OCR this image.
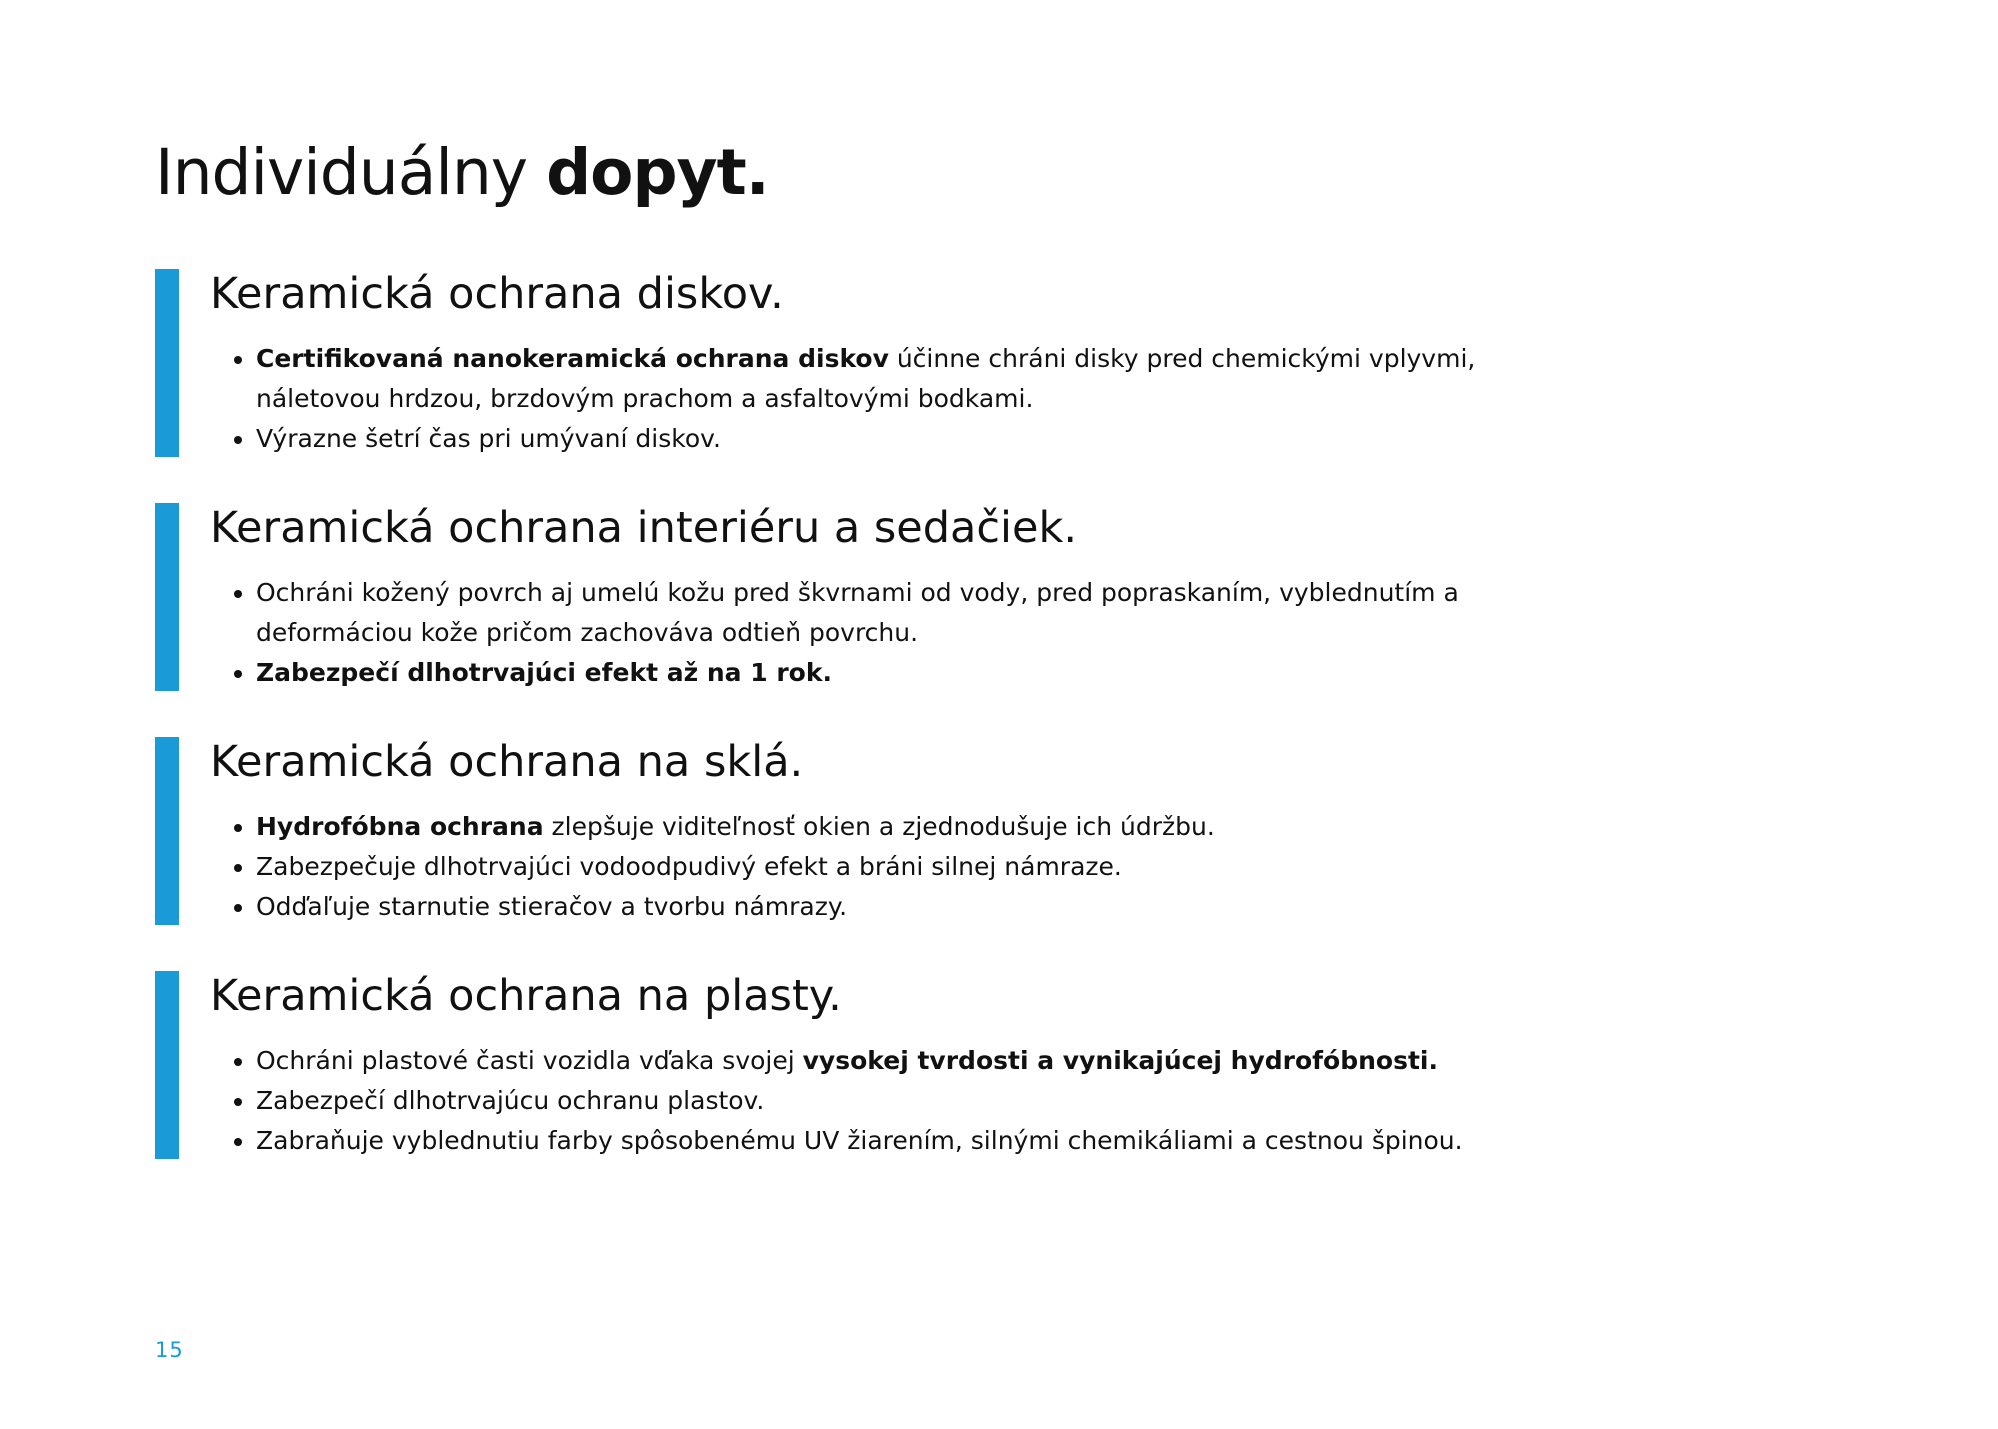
Individuálny dopyt.
Keramická ochrana diskov.
• Certifikovaná nanokeramická ochrana diskov účinne chráni disky pred chemickými vplyvmi, náletovou hrdzou, brzdovým prachom a asfaltovými bodkami.
• Výrazne šetrí čas pri umývaní diskov.
Keramická ochrana interiéru a sedačiek.
• Ochráni kožený povrch aj umelú kožu pred škvrnami od vody, pred popraskaním, vyblednutím a deformáciou kože pričom zachováva odtieň povrchu.
• Zabezpečí dlhotrvajúci efekt až na 1 rok.
Keramická ochrana na sklá.
• Hydrofóbna ochrana zlepšuje viditeľnosť okien a zjednodušuje ich údržbu.
• Zabezpečuje dlhotrvajúci vodoodpudivý efekt a bráni silnej námraze.
• Odďaľuje starnutie stieračov a tvorbu námrazy.
Keramická ochrana na plasty.
• Ochráni plastové časti vozidla vďaka svojej vysokej tvrdosti a vynikajúcej hydrofóbnosti.
• Zabezpečí dlhotrvajúcu ochranu plastov.
• Zabraňuje vyblednutiu farby spôsobenému UV žiarením, silnými chemikáliami a cestnou špinou.
15
